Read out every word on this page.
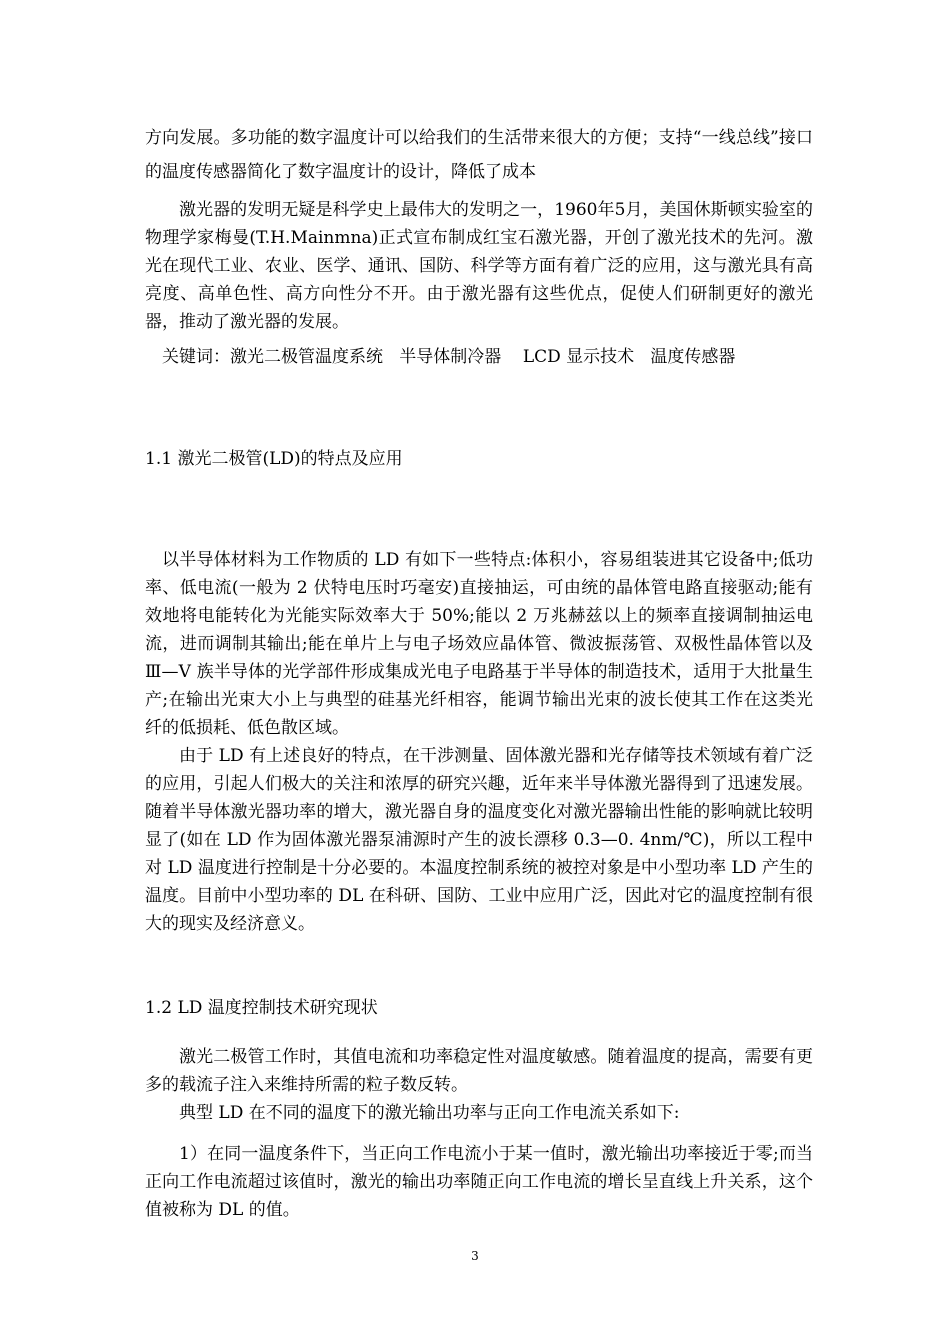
方向发展。多功能的数字温度计可以给我们的生活带来很大的方便；支持“一线总线”接口的温度传感器简化了数字温度计的设计，降低了成本

激光器的发明无疑是科学史上最伟大的发明之一，1960年5月，美国休斯顿实验室的物理学家梅曼(T.H.Mainmna)正式宣布制成红宝石激光器，开创了激光技术的先河。激光在现代工业、农业、医学、通讯、国防、科学等方面有着广泛的应用，这与激光具有高亮度、高单色性、高方向性分不开。由于激光器有这些优点，促使人们研制更好的激光器，推动了激光器的发展。

关键词：激光二极管温度系统   半导体制冷器    LCD 显示技术   温度传感器

1.1 激光二极管(LD)的特点及应用

以半导体材料为工作物质的 LD 有如下一些特点:体积小，容易组装进其它设备中;低功率、低电流(一般为 2 伏特电压时巧毫安)直接抽运，可由统的晶体管电路直接驱动;能有效地将电能转化为光能实际效率大于 50%;能以 2 万兆赫兹以上的频率直接调制抽运电流，进而调制其输出;能在单片上与电子场效应晶体管、微波振荡管、双极性晶体管以及Ⅲ—Ⅴ 族半导体的光学部件形成集成光电子电路基于半导体的制造技术，适用于大批量生产;在输出光束大小上与典型的硅基光纤相容，能调节输出光束的波长使其工作在这类光纤的低损耗、低色散区域。

由于 LD 有上述良好的特点，在干涉测量、固体激光器和光存储等技术领域有着广泛的应用，引起人们极大的关注和浓厚的研究兴趣，近年来半导体激光器得到了迅速发展。随着半导体激光器功率的增大，激光器自身的温度变化对激光器输出性能的影响就比较明显了(如在 LD 作为固体激光器泵浦源时产生的波长漂移 0.3—0. 4nm/℃)，所以工程中对 LD 温度进行控制是十分必要的。本温度控制系统的被控对象是中小型功率 LD 产生的温度。目前中小型功率的 DL 在科研、国防、工业中应用广泛，因此对它的温度控制有很大的现实及经济意义。

1.2 LD 温度控制技术研究现状

激光二极管工作时，其值电流和功率稳定性对温度敏感。随着温度的提高，需要有更多的载流子注入来维持所需的粒子数反转。

典型 LD 在不同的温度下的激光输出功率与正向工作电流关系如下:

1）在同一温度条件下，当正向工作电流小于某一值时，激光输出功率接近于零;而当正向工作电流超过该值时，激光的输出功率随正向工作电流的增长呈直线上升关系，这个值被称为 DL 的值。

3
